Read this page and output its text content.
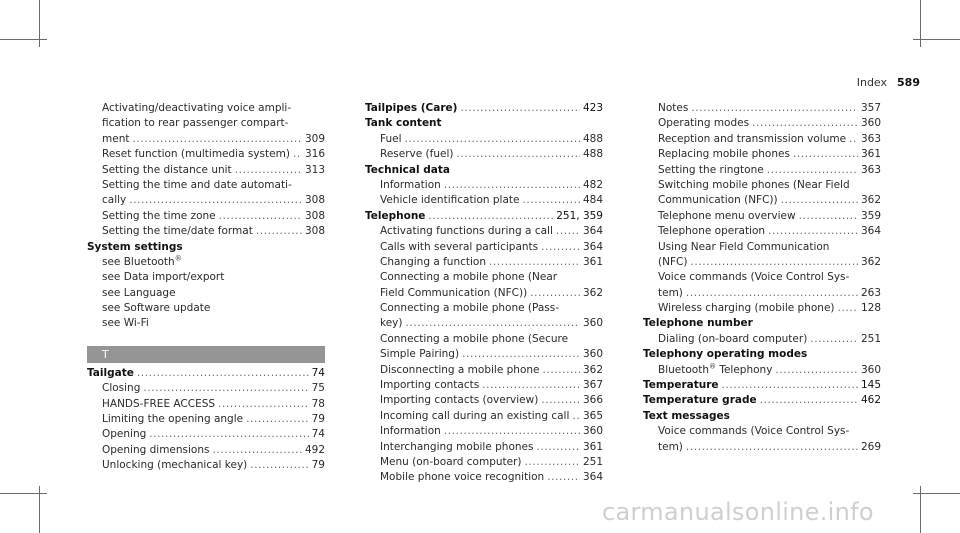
Index 589
Activating/deactivating voice ampli-
fication to rear passenger compart-
ment .....	309
Reset function (multimedia system) ..... 316
Setting the distance unit .....	313
Setting the time and date automati-
cally .....	308
Setting the time zone .....	308
Setting the time/date format .....	308
System settings
see Bluetooth®
see Data import/export
see Language
see Software update
see Wi-Fi
T
Tailgate .....	74
Closing .....	75
HANDS-FREE ACCESS .....	78
Limiting the opening angle .....	79
Opening .....	74
Opening dimensions .....	492
Unlocking (mechanical key) .....	79
Tailpipes (Care) .....	423
Tank content
Fuel .....	488
Reserve (fuel) .....	488
Technical data
Information .....	482
Vehicle identification plate .....	484
Telephone .....	251, 359
Activating functions during a call .....	364
Calls with several participants .....	364
Changing a function .....	361
Connecting a mobile phone (Near
Field Communication (NFC)) .....	362
Connecting a mobile phone (Pass-
key) .....	360
Connecting a mobile phone (Secure
Simple Pairing) .....	360
Disconnecting a mobile phone .....	362
Importing contacts .....	367
Importing contacts (overview) .....	366
Incoming call during an existing call ..... 365
Information .....	360
Interchanging mobile phones .....	361
Menu (on-board computer) .....	251
Mobile phone voice recognition .....	364
Notes .....	357
Operating modes .....	360
Reception and transmission volume ..... 363
Replacing mobile phones .....	361
Setting the ringtone .....	363
Switching mobile phones (Near Field
Communication (NFC)) .....	362
Telephone menu overview .....	359
Telephone operation .....	364
Using Near Field Communication
(NFC) .....	362
Voice commands (Voice Control Sys-
tem) .....	263
Wireless charging (mobile phone) .....	128
Telephone number
Dialing (on-board computer) .....	251
Telephony operating modes
Bluetooth® Telephony .....	360
Temperature .....	145
Temperature grade .....	462
Text messages
Voice commands (Voice Control Sys-
tem) .....	269
carmanualsonline.info
